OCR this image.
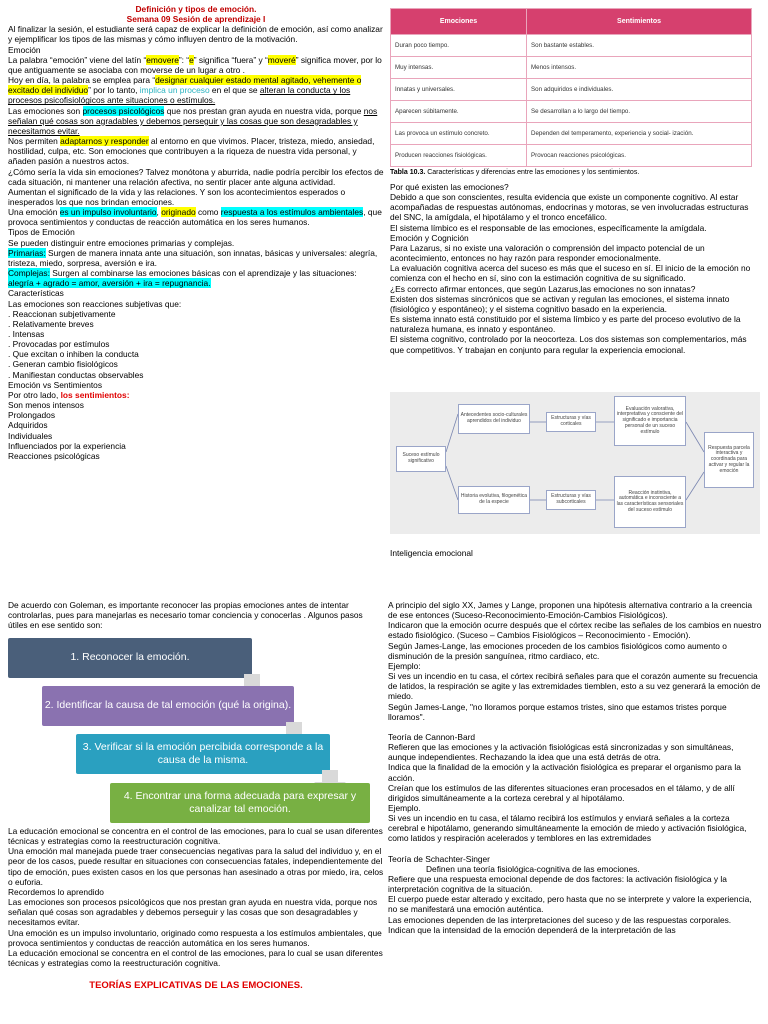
Definición y tipos de emoción.

Semana 09 Sesión de aprendizaje I

Al finalizar la sesión, el estudiante será capaz de explicar la definición de emoción, así como analizar y ejemplificar los tipos de las mismas y cómo influyen dentro de la motivación.

Emoción

La palabra “emoción” viene del latín “emovere”: “e” significa “fuera” y “moveré” significa mover, por lo que antiguamente se asociaba con moverse de un lugar a otro .

Hoy en día, la palabra se emplea para “designar cualquier estado mental agitado, vehemente o excitado del individuo” por lo tanto, implica un proceso en el que se alteran la conducta y los procesos psicofisiológicos ante situaciones o estímulos.

Las emociones son procesos psicológicos que nos prestan gran ayuda en nuestra vida, porque nos señalan qué cosas son agradables y debemos perseguir y las cosas que son desagradables y necesitamos evitar.

Nos permiten adaptarnos y responder al entorno en que vivimos. Placer, tristeza, miedo, ansiedad, hostilidad, culpa, etc. Son emociones que contribuyen a la riqueza de nuestra vida personal, y añaden pasión a nuestros actos.

¿Cómo sería la vida sin emociones? Talvez monótona y aburrida, nadie podría percibir los efectos de cada situación, ni mantener una relación afectiva, no sentir placer ante alguna actividad.

Aumentan el significado de la vida y las relaciones. Y son los acontecimientos esperados o inesperados los que nos brindan emociones.

Una emoción es un impulso involuntario, originado como respuesta a los estímulos ambientales, que provoca sentimientos y conductas de reacción automática en los seres humanos.

Tipos de Emoción

Se pueden distinguir entre emociones primarias y complejas.

Primarias: Surgen de manera innata ante una situación, son innatas, básicas y universales: alegría, tristeza, miedo, sorpresa, aversión e ira.

Complejas: Surgen al combinarse las emociones básicas con el aprendizaje y las situaciones: alegría + agrado = amor, aversión + ira = repugnancia.

Características

Las emociones son reacciones subjetivas que:

. Reaccionan subjetivamente

. Relativamente breves

. Intensas

. Provocadas por estímulos

. Que excitan o inhiben la conducta

. Generan cambio fisiológicos

. Manifiestan conductas observables

Emoción vs Sentimientos

Por otro lado, los sentimientos:

Son menos intensos

Prolongados

Adquiridos

Individuales

Influenciados por la experiencia

Reacciones psicológicas

Emociones	Sentimientos
Duran poco tiempo.	Son bastante estables.
Muy intensas.	Menos intensos.
Innatas y universales.	Son adquiridos e individuales.
Aparecen súbitamente.	Se desarrollan a lo largo del tiempo.
Las provoca un estímulo concreto.	Dependen del temperamento, experiencia y social- ización.
Producen reacciones fisiológicas.	Provocan reacciones psicológicas.
Tabla 10.3. Características y diferencias entre las emociones y los sentimientos.

Por qué existen las emociones?

Debido a que son conscientes, resulta evidencia que existe un componente cognitivo. Al estar acompañadas de respuestas autónomas, endocrinas y motoras, se ven involucradas estructuras del SNC, la amígdala, el hipotálamo y el tronco encefálico.

El sistema límbico es el responsable de las emociones, específicamente la amígdala.

Emoción y Cognición

Para Lazarus, si no existe una valoración o comprensión del impacto potencial de un acontecimiento, entonces no hay razón para responder emocionalmente.

La evaluación cognitiva acerca del suceso es más que el suceso en sí. El inicio de la emoción no comienza con el hecho en sí, sino con la estimación cognitiva de su significado.

¿Es correcto afirmar entonces, que según Lazarus,las emociones no son innatas?

Existen dos sistemas sincrónicos que se activan y regulan las emociones, el sistema innato (fisiológico y espontáneo); y el sistema cognitivo basado en la experiencia.

Es sistema innato está constituido por el sistema límbico y es parte del proceso evolutivo de la naturaleza humana, es innato y espontáneo.

El sistema cognitivo, controlado por la neocorteza. Los dos sistemas son complementarios, más que competitivos. Y trabajan en conjunto para regular la experiencia emocional.

Suceso estímulo significativo
Antecedentes socio-culturales aprendidos del individuo	Estructuras y vías corticales
Evaluación valorativa, interpretativa y consciente del significado e importancia personal de un suceso estímulo
Respuesta parcela interactiva y coordinada para activar y regular la emoción
Historia evolutiva, filogenética de la especie
Estructuras y vías subcorticales
Reacción instintiva, automática e inconsciente a las características sensoriales del suceso estímulo
Inteligencia emocional

De acuerdo con Goleman, es importante reconocer las propias emociones antes de intentar controlarlas, pues para manejarlas es necesario tomar conciencia y conocerlas . Algunos pasos útiles en ese sentido son:

1. Reconocer la emoción.
2. Identificar la causa de tal emoción (qué la origina).
3. Verificar si la emoción percibida corresponde a la causa de la misma.
4. Encontrar una forma adecuada para expresar y canalizar tal emoción.

La educación emocional se concentra en el control de las emociones, para lo cual se usan diferentes técnicas y estrategias como la reestructuración cognitiva.

Una emoción mal manejada puede traer consecuencias negativas para la salud del individuo y, en el peor de los casos, puede resultar en situaciones con consecuencias fatales, independientemente del tipo de emoción, pues existen casos en los que personas han asesinado a otras por miedo, ira, celos o euforia.

Recordemos lo aprendido

Las emociones son procesos psicológicos que nos prestan gran ayuda en nuestra vida, porque nos señalan qué cosas son agradables y debemos perseguir y las cosas que son desagradables y necesitamos evitar.

Una emoción es un impulso involuntario, originado como respuesta a los estímulos ambientales, que provoca sentimientos y conductas de reacción automática en los seres humanos.

La educación emocional se concentra en el control de las emociones, para lo cual se usan diferentes técnicas y estrategias como la reestructuración cognitiva.

TEORÍAS EXPLICATIVAS DE LAS EMOCIONES.

A principio del siglo XX, James y Lange, proponen una hipótesis alternativa contrario a la creencia de ese entonces (Suceso-Reconocimiento-Emoción-Cambios Fisiológicos).

Indicaron que la emoción ocurre después que el córtex recibe las señales de los cambios en nuestro estado fisiológico. (Suceso – Cambios Fisiológicos – Reconocimiento - Emoción).

Según James-Lange, las emociones proceden de los cambios fisiológicos como aumento o disminución de la presión sanguínea, ritmo cardiaco, etc.

Ejemplo:

Si ves un incendio en tu casa, el córtex recibirá señales para que el corazón aumente su frecuencia de latidos, la respiración se agite y las extremidades tiemblen, esto a su vez generará la emoción de miedo.

Según James-Lange, "no lloramos porque estamos tristes, sino que estamos tristes porque lloramos".

Teoría de Cannon-Bard

Refieren que las emociones y la activación fisiológicas está sincronizadas y son simultáneas, aunque independientes. Rechazando la idea que una está detrás de otra.

Indica que la finalidad de la emoción y la activación fisiológica es preparar el organismo para la acción.

Creían que los estímulos de las diferentes situaciones eran procesados en el tálamo, y de allí dirigidos simultáneamente a la corteza cerebral y al hipotálamo.

Ejemplo.

Si ves un incendio en tu casa, el tálamo recibirá los estímulos y enviará señales a la corteza cerebral e hipotálamo, generando simultáneamente la emoción de miedo y activación fisiológica, como latidos y respiración acelerados y temblores en las extremidades

Teoría de Schachter-Singer

Definen una teoría fisiológica-cognitiva de las emociones.

Refiere que una respuesta emocional depende de dos factores: la activación fisiológica y la interpretación cognitiva de la situación.

El cuerpo puede estar alterado y excitado, pero hasta que no se interprete y valore la experiencia, no se manifestará una emoción auténtica.

Las emociones dependen de las interpretaciones del suceso y de las respuestas corporales.

Indican que la intensidad de la emoción dependerá de la interpretación de las
